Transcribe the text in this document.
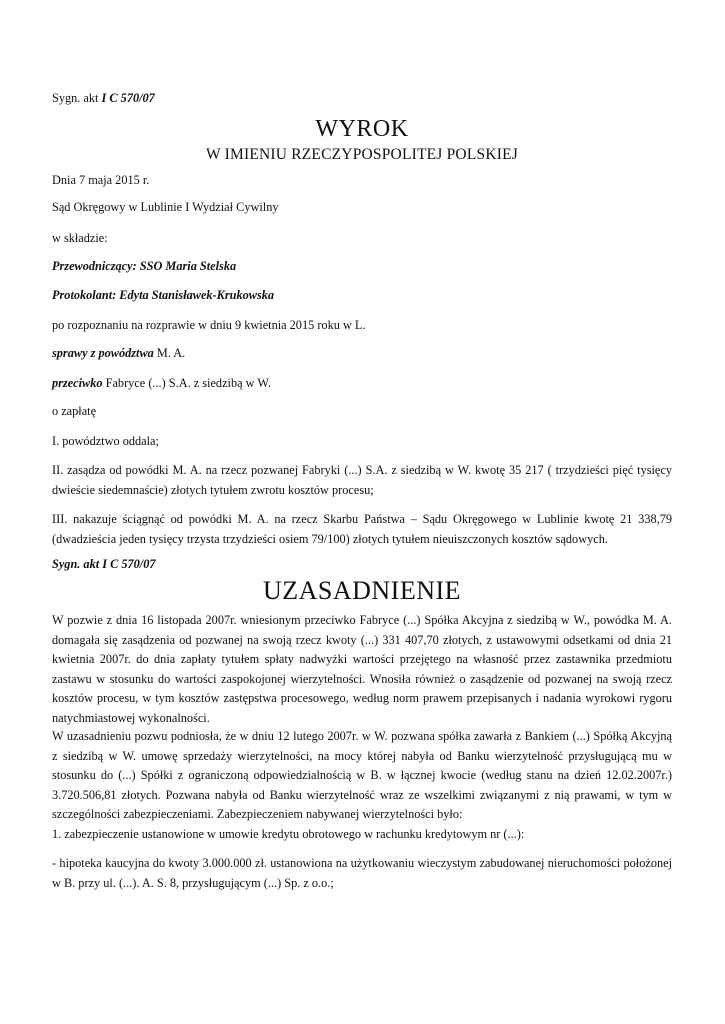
Sygn. akt I C 570/07

WYROK
W IMIENIU RZECZYPOSPOLITEJ POLSKIEJ

Dnia 7 maja 2015 r.

Sąd Okręgowy w Lublinie I Wydział Cywilny

w składzie:

Przewodniczący: SSO Maria Stelska

Protokolant: Edyta Stanisławek-Krukowska

po rozpoznaniu na rozprawie w dniu 9 kwietnia 2015 roku w L.

sprawy z powództwa M. A.

przeciwko Fabryce (...) S.A. z siedzibą w W.

o zapłatę

I. powództwo oddala;

II. zasądza od powódki M. A. na rzecz pozwanej Fabryki (...) S.A. z siedzibą w W. kwotę 35 217 ( trzydzieści pięć tysięcy dwieście siedemnaście) złotych tytułem zwrotu kosztów procesu;

III. nakazuje ściągnąć od powódki M. A. na rzecz Skarbu Państwa – Sądu Okręgowego w Lublinie kwotę 21 338,79 (dwadzieścia jeden tysięcy trzysta trzydzieści osiem 79/100) złotych tytułem nieuiszczonych kosztów sądowych.

Sygn. akt I C 570/07

UZASADNIENIE

W pozwie z dnia 16 listopada 2007r. wniesionym przeciwko Fabryce (...) Spółka Akcyjna z siedzibą w W., powódka M. A. domagała się zasądzenia od pozwanej na swoją rzecz kwoty (...) 331 407,70 złotych, z ustawowymi odsetkami od dnia 21 kwietnia 2007r. do dnia zapłaty tytułem spłaty nadwyżki wartości przejętego na własność przez zastawnika przedmiotu zastawu w stosunku do wartości zaspokojonej wierzytelności. Wnosiła również o zasądzenie od pozwanej na swoją rzecz kosztów procesu, w tym kosztów zastępstwa procesowego, według norm prawem przepisanych i nadania wyrokowi rygoru natychmiastowej wykonalności.

W uzasadnieniu pozwu podniosła, że w dniu 12 lutego 2007r. w W. pozwana spółka zawarła z Bankiem (...) Spółką Akcyjną z siedzibą w W. umowę sprzedaży wierzytelności, na mocy której nabyła od Banku wierzytelność przysługującą mu w stosunku do (...) Spółki z ograniczoną odpowiedzialnością w B. w łącznej kwocie (według stanu na dzień 12.02.2007r.) 3.720.506,81 złotych. Pozwana nabyła od Banku wierzytelność wraz ze wszelkimi związanymi z nią prawami, w tym w szczególności zabezpieczeniami. Zabezpieczeniem nabywanej wierzytelności było:

1. zabezpieczenie ustanowione w umowie kredytu obrotowego w rachunku kredytowym nr (...):

- hipoteka kaucyjna do kwoty 3.000.000 zł. ustanowiona na użytkowaniu wieczystym zabudowanej nieruchomości położonej w B. przy ul. (...). A. S. 8, przysługującym (...) Sp. z o.o.;
